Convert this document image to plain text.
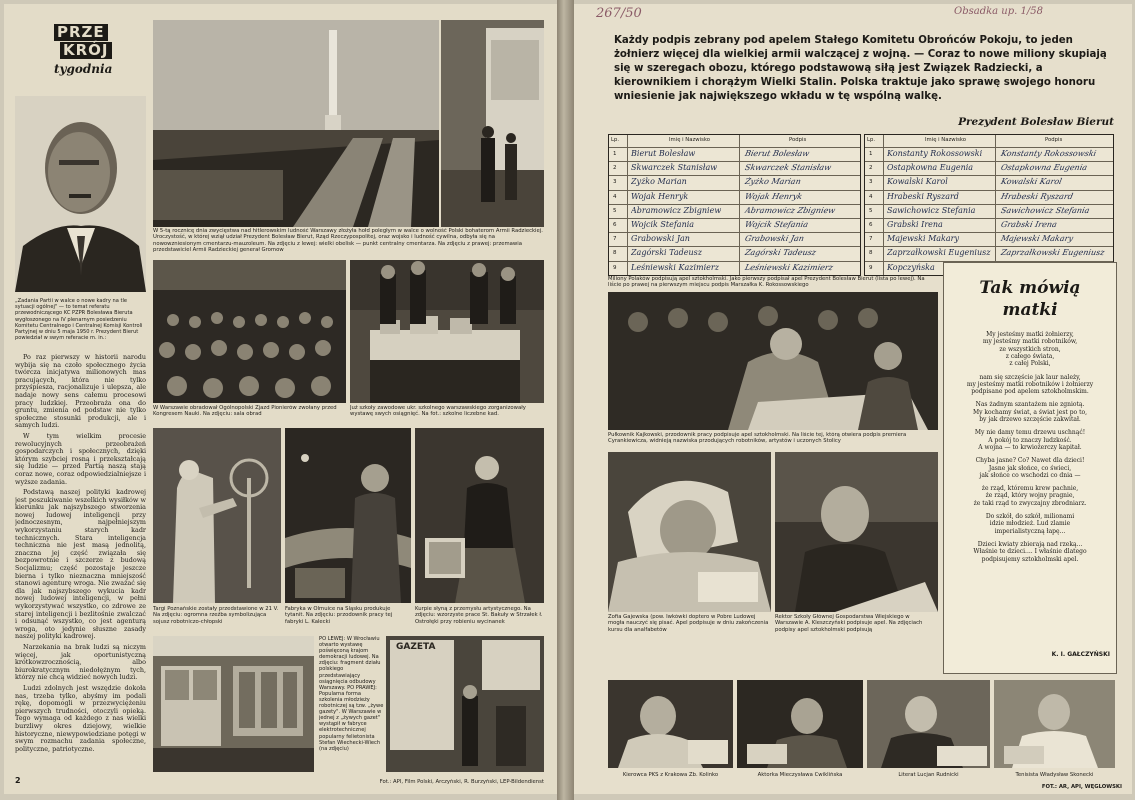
PRZE
KRÓJ
tygodnia
„Zadania Partii w walce o nowe kadry na tle sytuacji ogólnej" — to temat referatu przewodniczącego KC PZPR Bolesława Bieruta wygłoszonego na IV plenarnym posiedzeniu Komitetu Centralnego i Centralnej Komisji Kontroli Partyjnej w dniu 5 maja 1950 r. Prezydent Bierut powiedział w swym referacie m. in.:

Po raz pierwszy w historii narodu wybija się na czoło społecznego życia twórcza inicjatywa milionowych mas pracujących, która nie tylko przyśpiesza, racjonalizuje i ulepsza, ale nadaje nowy sens całemu procesowi pracy ludzkiej. Przeobraża ona do gruntu, zmienia od podstaw nie tylko społeczne stosunki produkcji, ale i samych ludzi.

W tym wielkim procesie rewolucyjnych przeobrażeń gospodarczych i społecznych, dzięki którym szybciej rosną i przekształcają się ludzie — przed Partią naszą stają coraz nowe, coraz odpowiedzialniejsze i wyższe zadania.

Podstawą naszej polityki kadrowej jest poszukiwanie wszelkich wysiłków w kierunku jak najszybszego stworzenia nowej ludowej inteligencji przy jednoczesnym, najpełniejszym wykorzystaniu starych kadr technicznych. Stara inteligencja techniczna nie jest masą jednolitą, znaczna jej część związała się bezpowrotnie i szczerze z budową Socjalizmu; część pozostaje jeszcze bierna i tylko nieznaczna mniejszość stanowi agenturę wroga. Nie zważać się dla jak najszybszego wykucia kadr nowej ludowej inteligencji, w pełni wykorzystywać wszystko, co zdrowe ze starej inteligencji i bezlitośnie zwalczać i odsunąć wszystko, co jest agenturą wroga, oto jedynie słuszne zasady naszej polityki kadrowej.

Narzekania na brak ludzi są niczym więcej, jak oportunistyczną krótkowzrocznością, albo biurokratycznym niedołężnym tych, którzy nie chcą widzieć nowych ludzi.

Ludzi zdolnych jest wszędzie dokoła nas, trzeba tylko, abyśmy im podali rękę, dopomogli w przezwyciężeniu pierwszych trudności, otoczyli opieką. Tego wymaga od każdego z nas wielki burzliwy okres dziejowy, wielkie historyczne, niewypowiedziane potęgi w swym rozmachu zadania społeczne, polityczne, patriotyczne.

2
W 5-tą rocznicę dnia zwycięstwa nad hitlerowskim ludność Warszawy złożyła hołd poległym w walce o wolność Polski bohaterom Armii Radzieckiej. Uroczystość, w której wziął udział Prezydent Bolesław Bierut, Rząd Rzeczypospolitej, oraz wojsko i ludność cywilna, odbyła się na nowowzniesionym cmentarzu-mauzoleum. Na zdjęciu z lewej: wielki obelisk — punkt centralny cmentarza. Na zdjęciu z prawej: przemawia przedstawiciel Armii Radzieckiej generał Gromow
W Warszawie obradował Ogólnopolski Zjazd Pionierów zwołany przed Kongresem Nauki. Na zdjęciu: sala obrad
Już szkoły zawodowe ukr. szkolnego warszawskiego zorganizowały wystawę swych osiągnięć. Na fot.: szkolne liczebne kad.
Targi Poznańskie zostały przedstawione w 21 V. Na zdjęciu: ogromna rzeźba symbolizująca sojusz robotniczo-chłopski
Fabryka w Olmuice na Śląsku produkuje tytanit. Na zdjęciu: przodownik pracy tej fabryki L. Kalecki
Kurpie słyną z przemysłu artystycznego. Na zdjęciu: wzorzyste prace St. Bakuły w Strzałek ł. Ostrołęki przy robieniu wycinanek
PO LEWEJ: W Wrocławiu otwarto wystawę poświęconą krajom demokracji ludowej. Na zdjęciu: fragment działu polskiego przedstawiający osiągnięcia odbudowy Warszawy. PO PRAWEJ: Popularna forma szkolenia młodzieży robotniczej są tzw. „żywe gazety". W Warszawie w jednej z „żywych gazet" wystąpił w fabryce elektrotechnicznej popularny felietonista Stefan Wiechecki-Wiech (na zdjęciu)
GAZETA
Fot.: API, Film Polski, Arczyński, R. Burzyński, LEP-Bildendienst
267/50	Obsadka up. 1/58
Każdy podpis zebrany pod apelem Stałego Komitetu Obrońców Pokoju, to jeden żołnierz więcej dla wielkiej armii walczącej z wojną. — Coraz to nowe miliony skupiają się w szeregach obozu, którego podstawową siłą jest Związek Radziecki, a kierownikiem i chorążym Wielki Stalin. Polska traktuje jako sprawę swojego honoru wniesienie jak największego wkładu w tę wspólną walkę.
Prezydent Bolesław Bierut
Lp.	Imię i Nazwisko	Podpis
1	Bierut Bolesław	Bierut Bolesław
2	Skwarczek Stanisław	Skwarczek Stanisław
3	Żyżko Marian	Żyżko Marian
4	Wojak Henryk	Wojak Henryk
5	Abramowicz Zbigniew	Abramowicz Zbigniew
6	Wojcik Stefania	Wojcik Stefania
7	Grabowski Jan	Grabowski Jan
8	Zagórski Tadeusz	Zagórski Tadeusz
9	Leśniewski Kazimierz	Leśniewski Kazimierz
Lp.	Imię i Nazwisko	Podpis
1	Konstanty Rokossowski	Konstanty Rokossowski
2	Ostapkowna Eugenia	Ostapkowna Eugenia
3	Kowalski Karol	Kowalski Karol
4	Hrabeski Ryszard	Hrabeski Ryszard
5	Sawichowicz Stefania	Sawichowicz Stefania
6	Grabski Irena	Grabski Irena
7	Majewski Makary	Majewski Makary
8	Zaprzałkowski Eugeniusz	Zaprzałkowski Eugeniusz
9	Kopczyńska
Miliony Polaków podpisują apel sztokholmski. Jako pierwszy podpisał apel Prezydent Bolesław Bierut (lista po lewej). Na liście po prawej na pierwszym miejscu podpis Marszałka K. Rokossowskiego
Pułkownik Kajkowski, przodownik pracy podpisuje apel sztokholmski. Na liście tej, którą otwiera podpis premiera Cyrankiewicza, widnieją nazwiska przodujących robotników, artystów i uczonych Stolicy
Zofia Gajewska (pow. Iwkówki doptero w Pobre Ludowej mogła nauczyć się pisać. Apel podpisuje w dniu zakończenia kursu dla analfabetów
Rektor Szkoły Głównej Gospodarstwa Wiejskiego w Warszawie A. Kleszczyński podpisuje apel. Na zdjęciach podpisy apel sztokholmski podpisują
Tak mówią
matki
My jesteśmy matki żołnierzy,
my jesteśmy matki robotników,
ze wszystkich stron,
z całego świata,
z całej Polski,
nam się szczęście jak laur należy,
my jesteśmy matki robotników i żołnierzy
podpisane pod apelem sztokholmskim.
Nas żadnym szantażem nie zgniotą.
My kochamy świat, a świat jest po to,
by jak drzewo szczęście zakwitał.
My nie damy temu drzewu uschnąć!
A pokój to znaczy ludzkość.
A wojna — to krwiożerczy kapitał.
Chyba jasne? Co? Nawet dla dzieci!
Jasne jak słońce, co świeci,
jak słońce co wschodzi co dnia —
że rząd, któremu krew pachnie,
że rząd, który wojny pragnie,
że taki rząd to zwyczajny zbrodniarz.
Do szkół, do szkół, milionami
idzie młodzież. Lud zlamie
imperialistyczną łapę...
Dzieci kwiaty zbierają nad rzeką...
Właśnie te dzieci.... I właśnie dlatego
podpisujemy sztokholmski apel.
K. I. GAŁCZYŃSKI
Kierowca PKS z Krakowa Zb. Kolinko	Aktorka Mieczysława Ćwiklińska	Literat Lucjan Rudnicki	Tenisista Władysław Skonecki
FOT.: AR, API, WĘGLOWSKI
